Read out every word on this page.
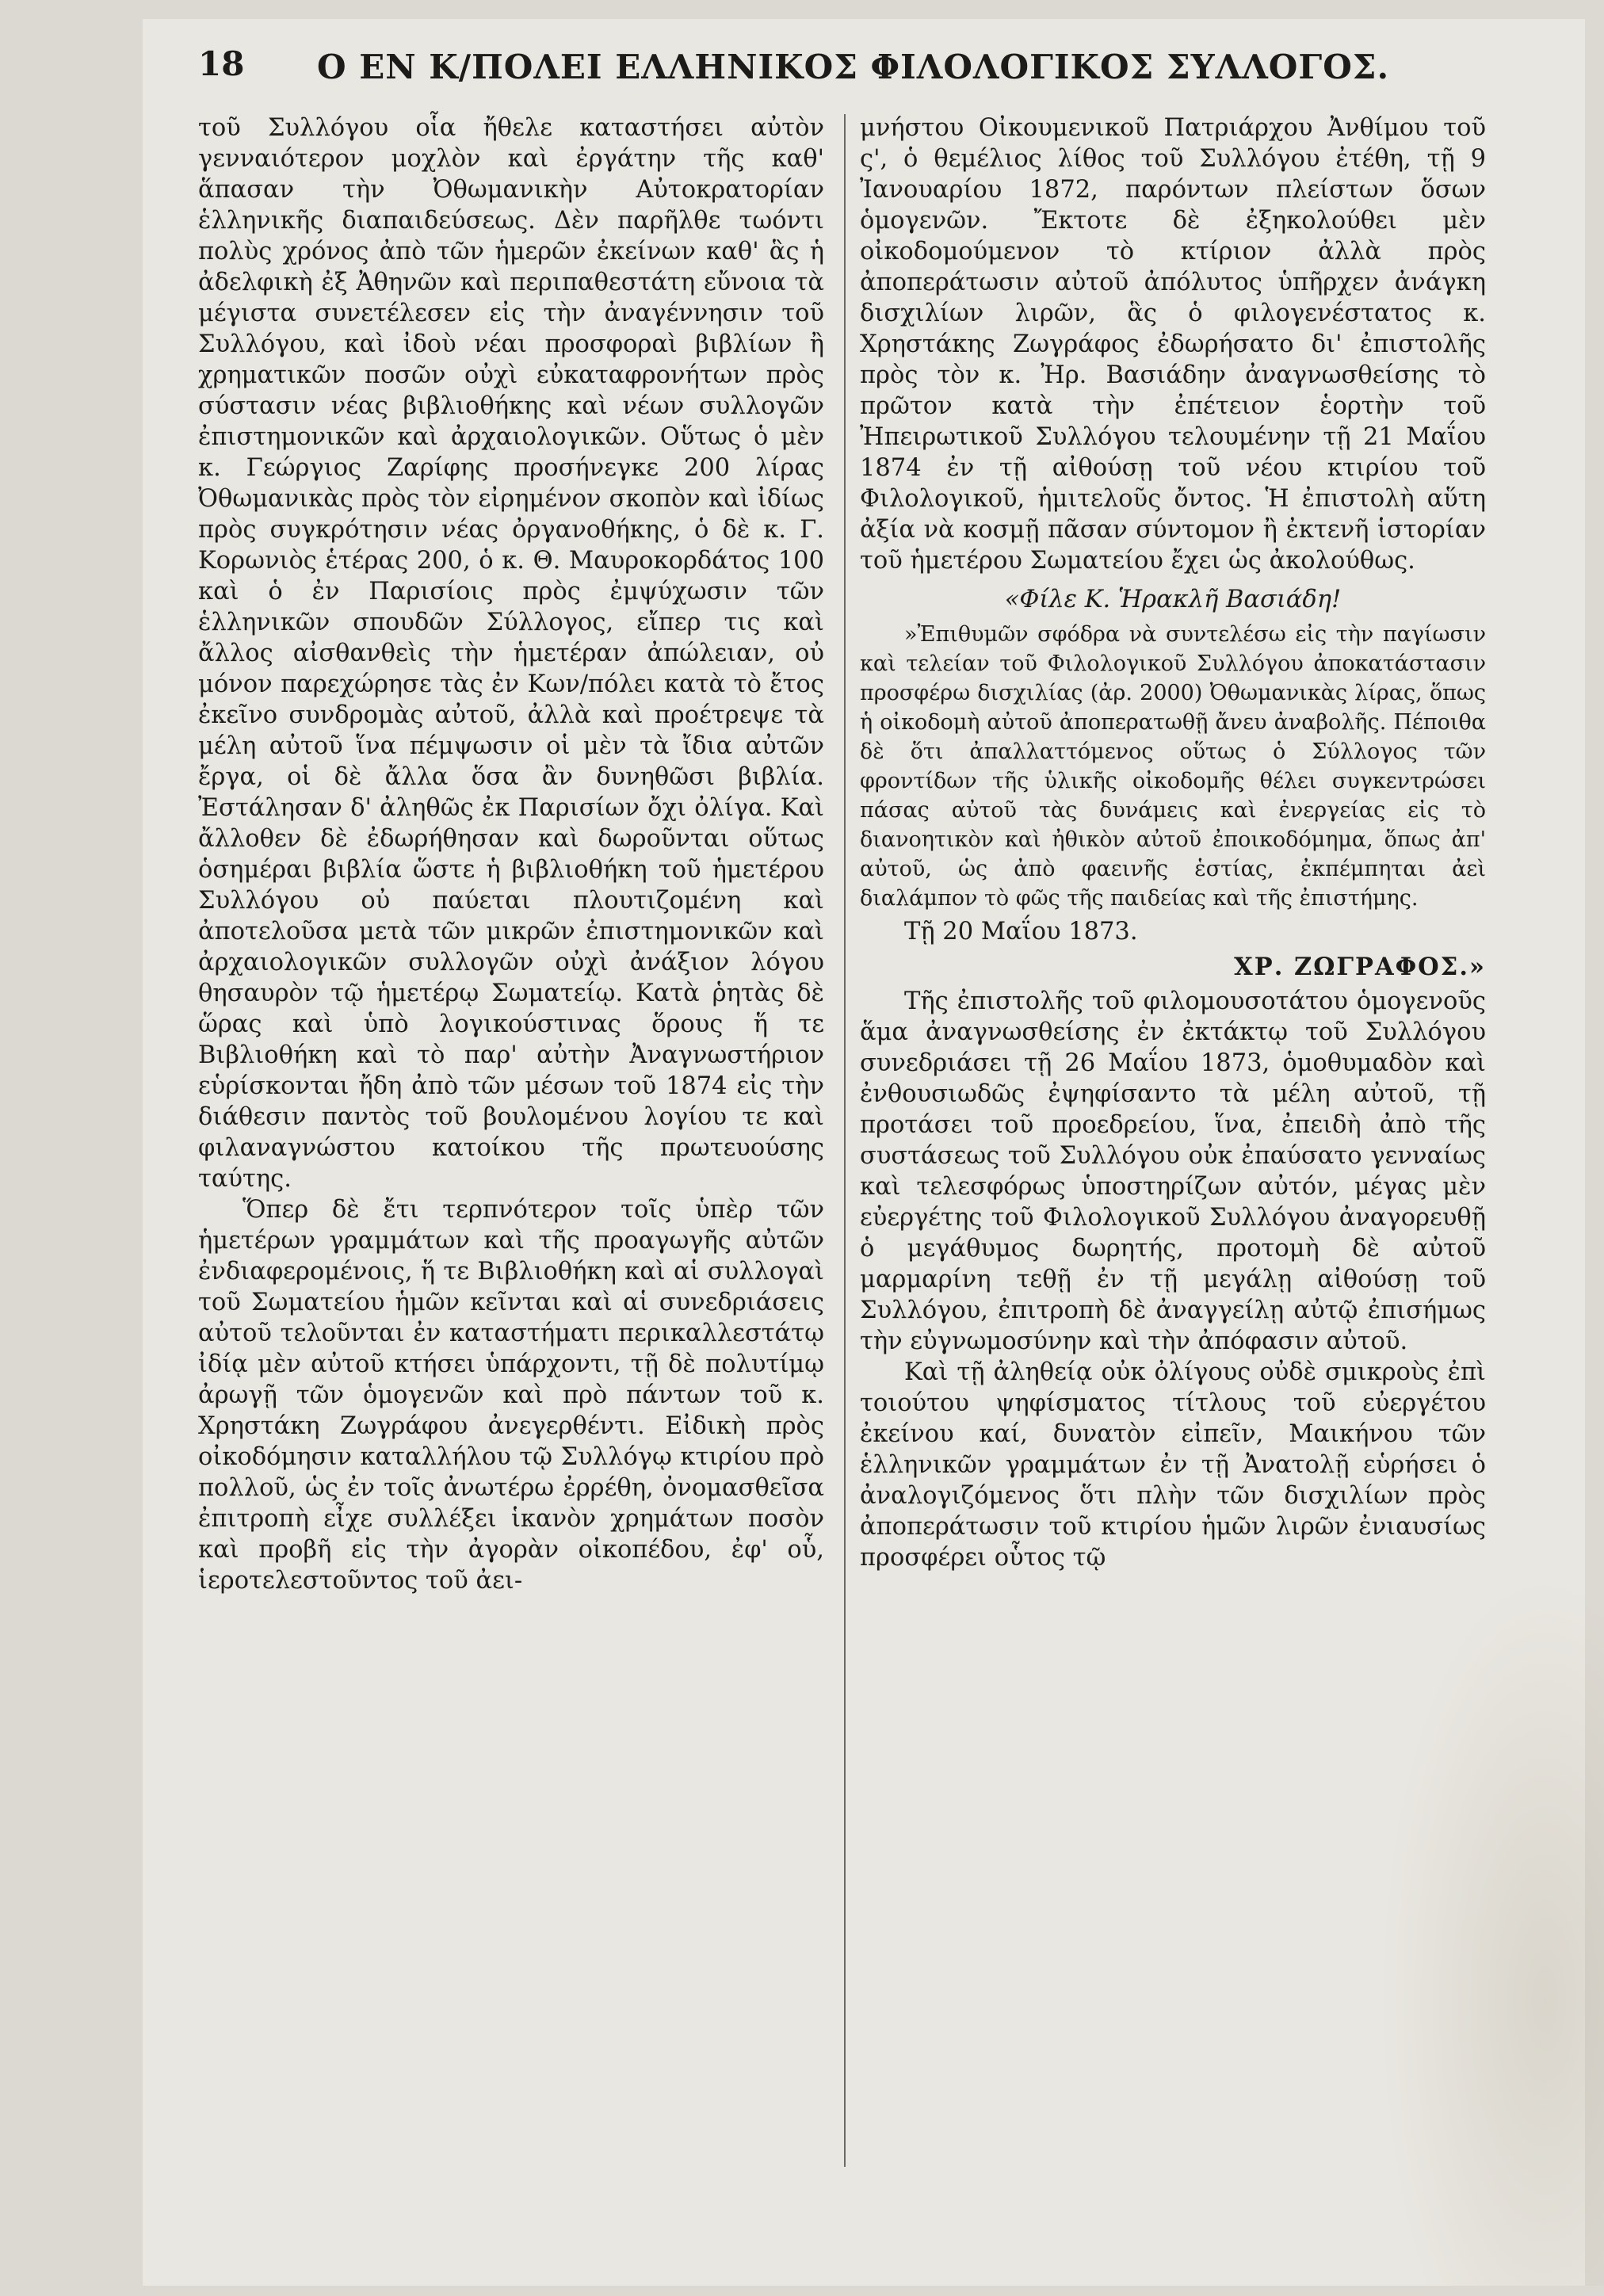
18 Ο ΕΝ Κ/ΠΟΛΕΙ ΕΛΛΗΝΙΚΟΣ ΦΙΛΟΛΟΓΙΚΟΣ ΣΥΛΛΟΓΟΣ.

τοῦ Συλλόγου οἷα ἤθελε καταστήσει αὐτὸν γενναιότερον μοχλὸν καὶ ἐργάτην τῆς καθ' ἅπασαν τὴν Ὀθωμανικὴν Αὐτοκρατορίαν ἑλληνικῆς διαπαιδεύσεως. Δὲν παρῆλθε τωόντι πολὺς χρόνος ἀπὸ τῶν ἡμερῶν ἐκείνων καθ' ἃς ἡ ἀδελφικὴ ἐξ Ἀθηνῶν καὶ περιπαθεστάτη εὔνοια τὰ μέγιστα συνετέλεσεν εἰς τὴν ἀναγέννησιν τοῦ Συλλόγου, καὶ ἰδοὺ νέαι προσφοραὶ βιβλίων ἢ χρηματικῶν ποσῶν οὐχὶ εὐκαταφρονήτων πρὸς σύστασιν νέας βιβλιοθήκης καὶ νέων συλλογῶν ἐπιστημονικῶν καὶ ἀρχαιολογικῶν. Οὕτως ὁ μὲν κ. Γεώργιος Ζαρίφης προσήνεγκε 200 λίρας Ὀθωμανικὰς πρὸς τὸν εἰρημένον σκοπὸν καὶ ἰδίως πρὸς συγκρότησιν νέας ὀργανοθήκης, ὁ δὲ κ. Γ. Κορωνιὸς ἑτέρας 200, ὁ κ. Θ. Μαυροκορδάτος 100 καὶ ὁ ἐν Παρισίοις πρὸς ἐμψύχωσιν τῶν ἑλληνικῶν σπουδῶν Σύλλογος, εἴπερ τις καὶ ἄλλος αἰσθανθεὶς τὴν ἡμετέραν ἀπώλειαν, οὐ μόνον παρεχώρησε τὰς ἐν Κων/πόλει κατὰ τὸ ἔτος ἐκεῖνο συνδρομὰς αὐτοῦ, ἀλλὰ καὶ προέτρεψε τὰ μέλη αὐτοῦ ἵνα πέμψωσιν οἱ μὲν τὰ ἴδια αὐτῶν ἔργα, οἱ δὲ ἄλλα ὅσα ἂν δυνηθῶσι βιβλία. Ἐστάλησαν δ' ἀληθῶς ἐκ Παρισίων ὄχι ὀλίγα. Καὶ ἄλλοθεν δὲ ἐδωρήθησαν καὶ δωροῦνται οὕτως ὁσημέραι βιβλία ὥστε ἡ βιβλιοθήκη τοῦ ἡμετέρου Συλλόγου οὐ παύεται πλουτιζομένη καὶ ἀποτελοῦσα μετὰ τῶν μικρῶν ἐπιστημονικῶν καὶ ἀρχαιολογικῶν συλλογῶν οὐχὶ ἀνάξιον λόγου θησαυρὸν τῷ ἡμετέρῳ Σωματείῳ. Κατὰ ῥητὰς δὲ ὥρας καὶ ὑπὸ λογικούστινας ὅρους ἥ τε Βιβλιοθήκη καὶ τὸ παρ' αὐτὴν Ἀναγνωστήριον εὑρίσκονται ἤδη ἀπὸ τῶν μέσων τοῦ 1874 εἰς τὴν διάθεσιν παντὸς τοῦ βουλομένου λογίου τε καὶ φιλαναγνώστου κατοίκου τῆς πρωτευούσης ταύτης.

Ὅπερ δὲ ἔτι τερπνότερον τοῖς ὑπὲρ τῶν ἡμετέρων γραμμάτων καὶ τῆς προαγωγῆς αὐτῶν ἐνδιαφερομένοις, ἥ τε Βιβλιοθήκη καὶ αἱ συλλογαὶ τοῦ Σωματείου ἡμῶν κεῖνται καὶ αἱ συνεδριάσεις αὐτοῦ τελοῦνται ἐν καταστήματι περικαλλεστάτῳ ἰδίᾳ μὲν αὐτοῦ κτήσει ὑπάρχοντι, τῇ δὲ πολυτίμῳ ἀρωγῇ τῶν ὁμογενῶν καὶ πρὸ πάντων τοῦ κ. Χρηστάκη Ζωγράφου ἀνεγερθέντι. Εἰδικὴ πρὸς οἰκοδόμησιν καταλλήλου τῷ Συλλόγῳ κτιρίου πρὸ πολλοῦ, ὡς ἐν τοῖς ἀνωτέρω ἐρρέθη, ὀνομασθεῖσα ἐπιτροπὴ εἶχε συλλέξει ἱκανὸν χρημάτων ποσὸν καὶ προβῆ εἰς τὴν ἀγορὰν οἰκοπέδου, ἐφ' οὗ, ἱεροτελεστοῦντος τοῦ ἀει-

μνήστου Οἰκουμενικοῦ Πατριάρχου Ἀνθίμου τοῦ ς', ὁ θεμέλιος λίθος τοῦ Συλλόγου ἐτέθη, τῇ 9 Ἰανουαρίου 1872, παρόντων πλείστων ὅσων ὁμογενῶν. Ἔκτοτε δὲ ἐξηκολούθει μὲν οἰκοδομούμενον τὸ κτίριον ἀλλὰ πρὸς ἀποπεράτωσιν αὐτοῦ ἀπόλυτος ὑπῆρχεν ἀνάγκη δισχιλίων λιρῶν, ἃς ὁ φιλογενέστατος κ. Χρηστάκης Ζωγράφος ἐδωρήσατο δι' ἐπιστολῆς πρὸς τὸν κ. Ἠρ. Βασιάδην ἀναγνωσθείσης τὸ πρῶτον κατὰ τὴν ἐπέτειον ἑορτὴν τοῦ Ἠπειρωτικοῦ Συλλόγου τελουμένην τῇ 21 Μαΐου 1874 ἐν τῇ αἰθούσῃ τοῦ νέου κτιρίου τοῦ Φιλολογικοῦ, ἡμιτελοῦς ὄντος. Ἡ ἐπιστολὴ αὕτη ἀξία νὰ κοσμῇ πᾶσαν σύντομον ἢ ἐκτενῆ ἱστορίαν τοῦ ἡμετέρου Σωματείου ἔχει ὡς ἀκολούθως.

«Φίλε Κ. Ἡρακλῆ Βασιάδη!

»Ἐπιθυμῶν σφόδρα νὰ συντελέσω εἰς τὴν παγίωσιν καὶ τελείαν τοῦ Φιλολογικοῦ Συλλόγου ἀποκατάστασιν προσφέρω δισχιλίας (ἀρ. 2000) Ὀθωμανικὰς λίρας, ὅπως ἡ οἰκοδομὴ αὐτοῦ ἀποπερατωθῇ ἄνευ ἀναβολῆς. Πέποιθα δὲ ὅτι ἀπαλλαττόμενος οὕτως ὁ Σύλλογος τῶν φροντίδων τῆς ὑλικῆς οἰκοδομῆς θέλει συγκεντρώσει πάσας αὐτοῦ τὰς δυνάμεις καὶ ἐνεργείας εἰς τὸ διανοητικὸν καὶ ἠθικὸν αὐτοῦ ἐποικοδόμημα, ὅπως ἀπ' αὐτοῦ, ὡς ἀπὸ φαεινῆς ἑστίας, ἐκπέμπηται ἀεὶ διαλάμπον τὸ φῶς τῆς παιδείας καὶ τῆς ἐπιστήμης.

Τῇ 20 Μαΐου 1873.

ΧΡ. ΖΩΓΡΑΦΟΣ.»

Τῆς ἐπιστολῆς τοῦ φιλομουσοτάτου ὁμογενοῦς ἅμα ἀναγνωσθείσης ἐν ἐκτάκτῳ τοῦ Συλλόγου συνεδριάσει τῇ 26 Μαΐου 1873, ὁμοθυμαδὸν καὶ ἐνθουσιωδῶς ἐψηφίσαντο τὰ μέλη αὐτοῦ, τῇ προτάσει τοῦ προεδρείου, ἵνα, ἐπειδὴ ἀπὸ τῆς συστάσεως τοῦ Συλλόγου οὐκ ἐπαύσατο γενναίως καὶ τελεσφόρως ὑποστηρίζων αὐτόν, μέγας μὲν εὐεργέτης τοῦ Φιλολογικοῦ Συλλόγου ἀναγορευθῇ ὁ μεγάθυμος δωρητής, προτομὴ δὲ αὐτοῦ μαρμαρίνη τεθῇ ἐν τῇ μεγάλῃ αἰθούσῃ τοῦ Συλλόγου, ἐπιτροπὴ δὲ ἀναγγείλῃ αὐτῷ ἐπισήμως τὴν εὐγνωμοσύνην καὶ τὴν ἀπόφασιν αὐτοῦ.

Καὶ τῇ ἀληθείᾳ οὐκ ὀλίγους οὐδὲ σμικροὺς ἐπὶ τοιούτου ψηφίσματος τίτλους τοῦ εὐεργέτου ἐκείνου καί, δυνατὸν εἰπεῖν, Μαικήνου τῶν ἑλληνικῶν γραμμάτων ἐν τῇ Ἀνατολῇ εὑρήσει ὁ ἀναλογιζόμενος ὅτι πλὴν τῶν δισχιλίων πρὸς ἀποπεράτωσιν τοῦ κτιρίου ἡμῶν λιρῶν ἐνιαυσίως προσφέρει οὗτος τῷ
